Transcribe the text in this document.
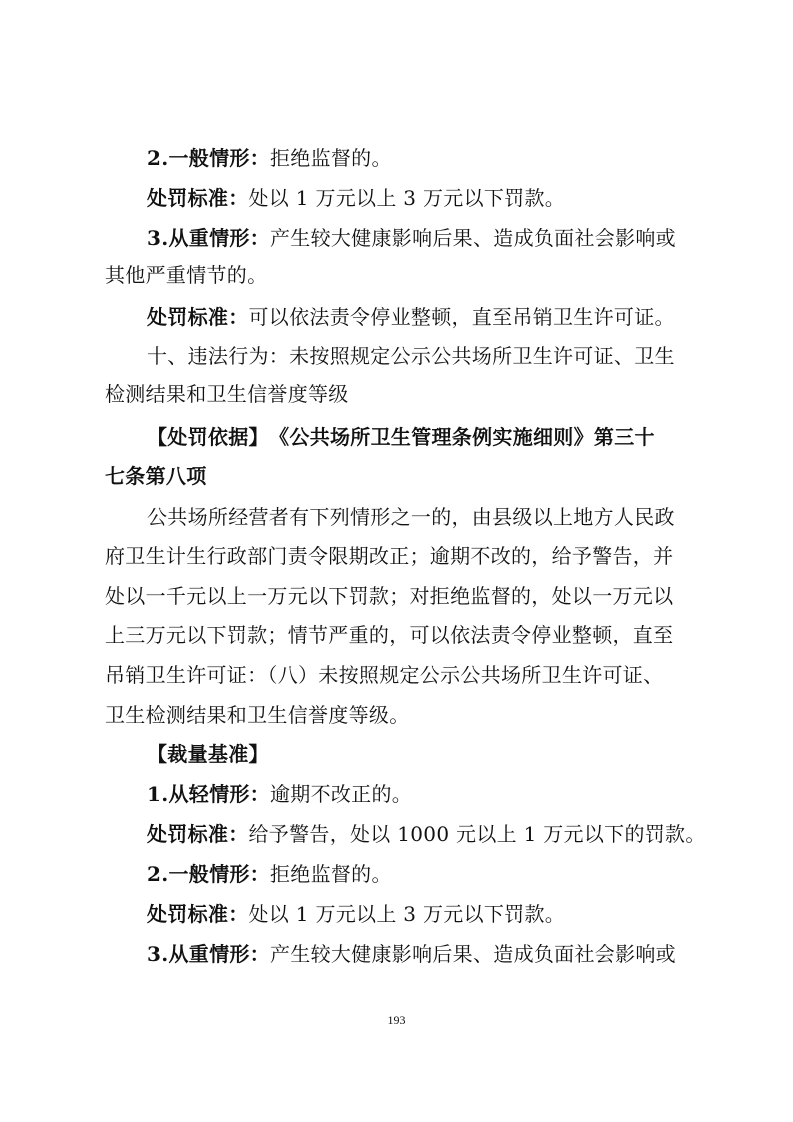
2.一般情形：拒绝监督的。
处罚标准：处以 1 万元以上 3 万元以下罚款。
3.从重情形：产生较大健康影响后果、造成负面社会影响或
其他严重情节的。
处罚标准：可以依法责令停业整顿，直至吊销卫生许可证。
十、违法行为：未按照规定公示公共场所卫生许可证、卫生
检测结果和卫生信誉度等级
【处罚依据】　《公共场所卫生管理条例实施细则》第三十
七条第八项
公共场所经营者有下列情形之一的，由县级以上地方人民政
府卫生计生行政部门责令限期改正；逾期不改的，给予警告，并
处以一千元以上一万元以下罚款；对拒绝监督的，处以一万元以
上三万元以下罚款；情节严重的，可以依法责令停业整顿，直至
吊销卫生许可证：（八）未按照规定公示公共场所卫生许可证、
卫生检测结果和卫生信誉度等级。
【裁量基准】
1.从轻情形：逾期不改正的。
处罚标准：给予警告，处以 1000 元以上 1 万元以下的罚款。
2.一般情形：拒绝监督的。
处罚标准：处以 1 万元以上 3 万元以下罚款。
3.从重情形：产生较大健康影响后果、造成负面社会影响或
193
